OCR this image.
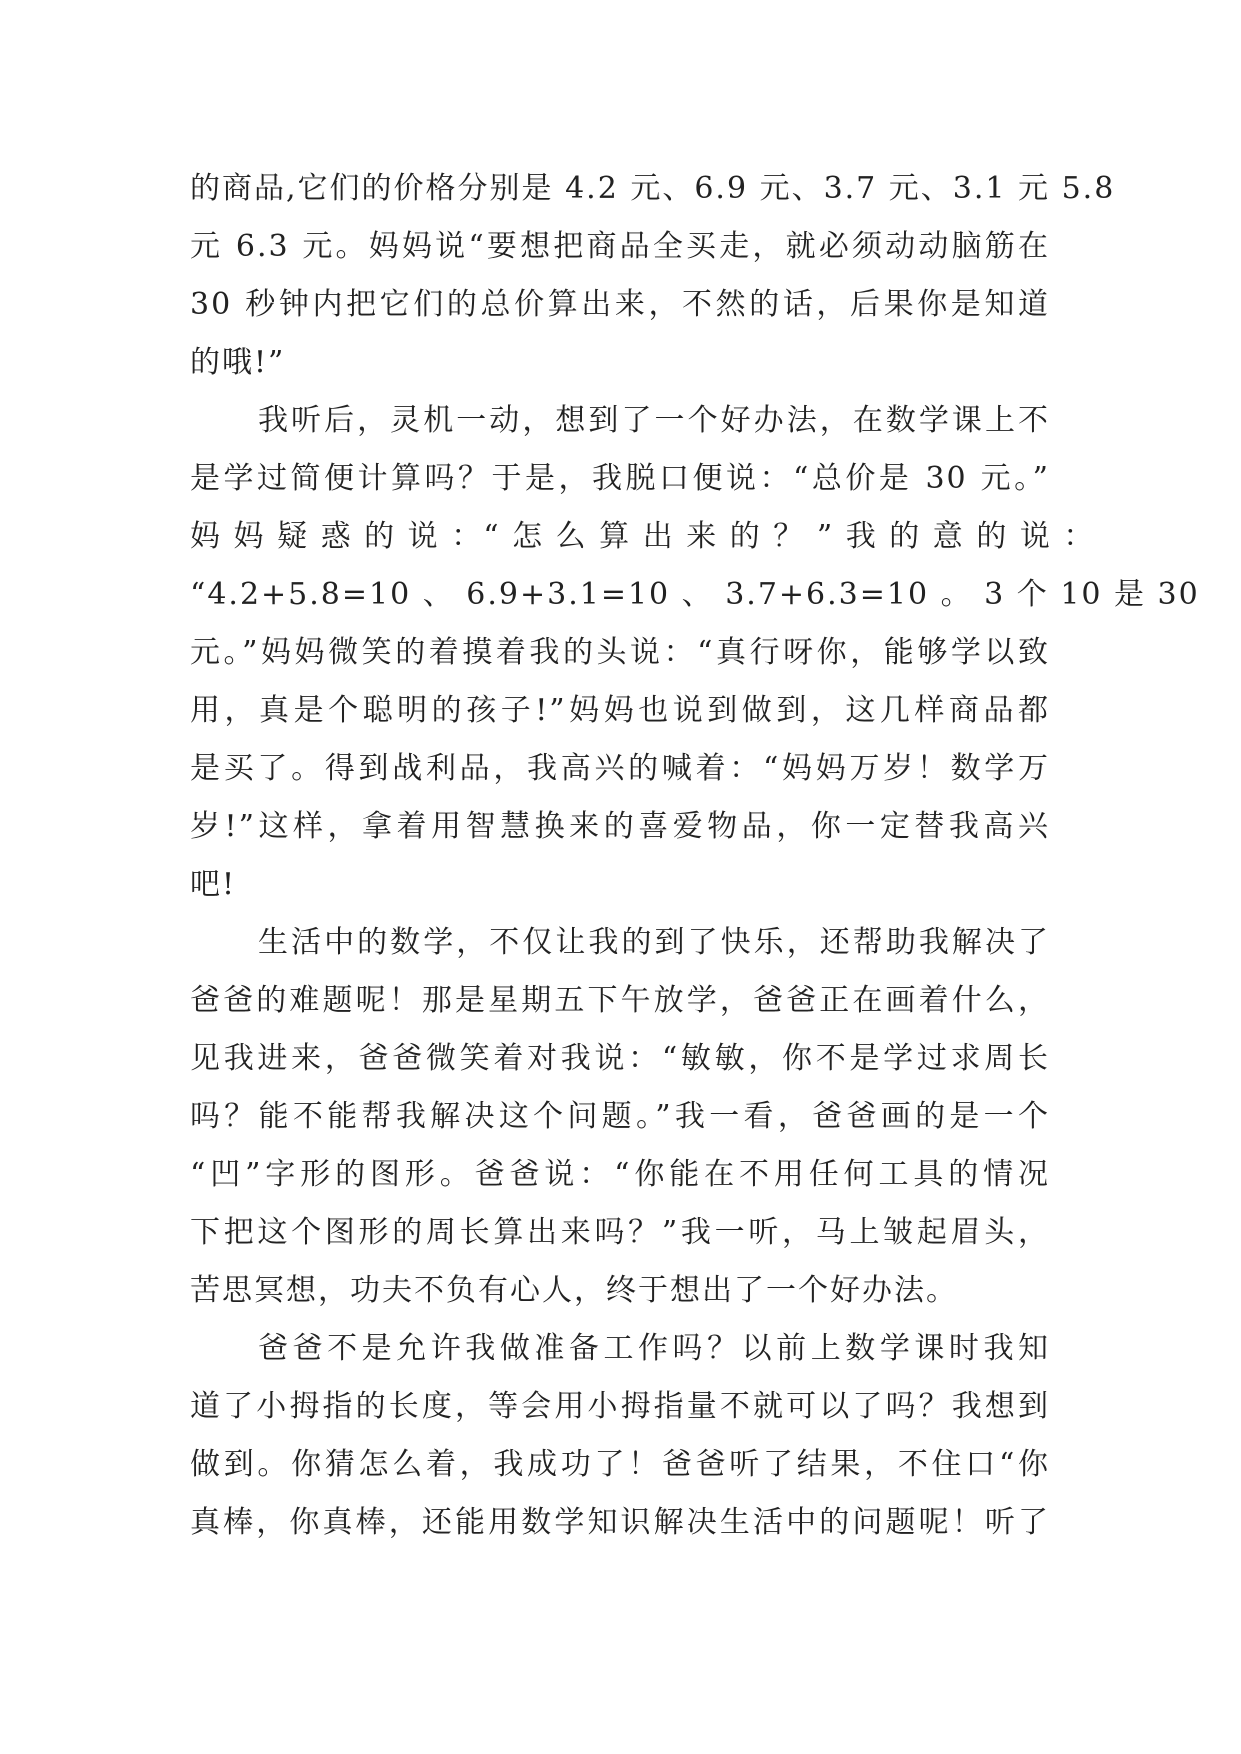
的商品,它们的价格分别是 4.2 元、6.9 元、3.7 元、3.1 元 5.8
元 6.3 元。妈妈说“要想把商品全买走，就必须动动脑筋在
30 秒钟内把它们的总价算出来，不然的话，后果你是知道
的哦!”
我听后，灵机一动，想到了一个好办法，在数学课上不
是学过简便计算吗？于是，我脱口便说：“总价是 30 元。”
妈 妈 疑 惑 的 说 ：“ 怎 么 算 出 来 的 ？ ” 我 的 意 的 说 ：
“4.2+5.8=10 、 6.9+3.1=10 、 3.7+6.3=10 。 3 个 10 是 30
元。”妈妈微笑的着摸着我的头说：“真行呀你，能够学以致
用，真是个聪明的孩子!”妈妈也说到做到，这几样商品都
是买了。得到战利品，我高兴的喊着：“妈妈万岁！数学万
岁!”这样，拿着用智慧换来的喜爱物品，你一定替我高兴
吧!
生活中的数学，不仅让我的到了快乐，还帮助我解决了
爸爸的难题呢！那是星期五下午放学，爸爸正在画着什么，
见我进来，爸爸微笑着对我说：“敏敏，你不是学过求周长
吗？能不能帮我解决这个问题。”我一看，爸爸画的是一个
“凹”字形的图形。爸爸说：“你能在不用任何工具的情况
下把这个图形的周长算出来吗？”我一听，马上皱起眉头，
苦思冥想，功夫不负有心人，终于想出了一个好办法。
爸爸不是允许我做准备工作吗？以前上数学课时我知
道了小拇指的长度，等会用小拇指量不就可以了吗？我想到
做到。你猜怎么着，我成功了！爸爸听了结果，不住口“你
真棒，你真棒，还能用数学知识解决生活中的问题呢！听了
